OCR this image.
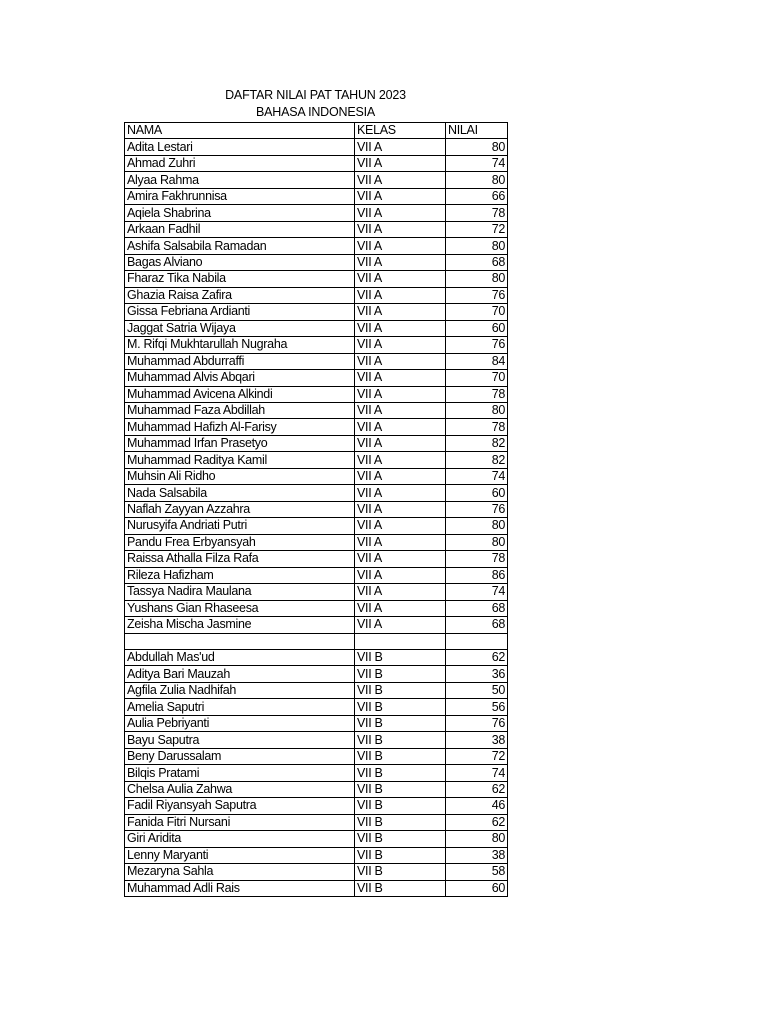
DAFTAR NILAI PAT TAHUN 2023
BAHASA INDONESIA
NAMA	KELAS	NILAI
Adita Lestari	VII A	80
Ahmad Zuhri	VII A	74
Alyaa Rahma	VII A	80
Amira Fakhrunnisa	VII A	66
Aqiela Shabrina	VII A	78
Arkaan Fadhil	VII A	72
Ashifa Salsabila Ramadan	VII A	80
Bagas Alviano	VII A	68
Fharaz Tika Nabila	VII A	80
Ghazia Raisa Zafira	VII A	76
Gissa Febriana Ardianti	VII A	70
Jaggat Satria Wijaya	VII A	60
M. Rifqi Mukhtarullah Nugraha	VII A	76
Muhammad Abdurraffi	VII A	84
Muhammad Alvis Abqari	VII A	70
Muhammad Avicena Alkindi	VII A	78
Muhammad Faza Abdillah	VII A	80
Muhammad Hafizh Al-Farisy	VII A	78
Muhammad Irfan Prasetyo	VII A	82
Muhammad Raditya Kamil	VII A	82
Muhsin Ali Ridho	VII A	74
Nada Salsabila	VII A	60
Naflah Zayyan Azzahra	VII A	76
Nurusyifa Andriati Putri	VII A	80
Pandu Frea Erbyansyah	VII A	80
Raissa Athalla Filza Rafa	VII A	78
Rileza Hafizham	VII A	86
Tassya Nadira Maulana	VII A	74
Yushans Gian Rhaseesa	VII A	68
Zeisha Mischa Jasmine	VII A	68

Abdullah Mas'ud	VII B	62
Aditya Bari Mauzah	VII B	36
Agfila Zulia Nadhifah	VII B	50
Amelia Saputri	VII B	56
Aulia Pebriyanti	VII B	76
Bayu Saputra	VII B	38
Beny Darussalam	VII B	72
Bilqis Pratami	VII B	74
Chelsa Aulia Zahwa	VII B	62
Fadil Riyansyah Saputra	VII B	46
Fanida Fitri Nursani	VII B	62
Giri Aridita	VII B	80
Lenny Maryanti	VII B	38
Mezaryna Sahla	VII B	58
Muhammad Adli Rais	VII B	60
